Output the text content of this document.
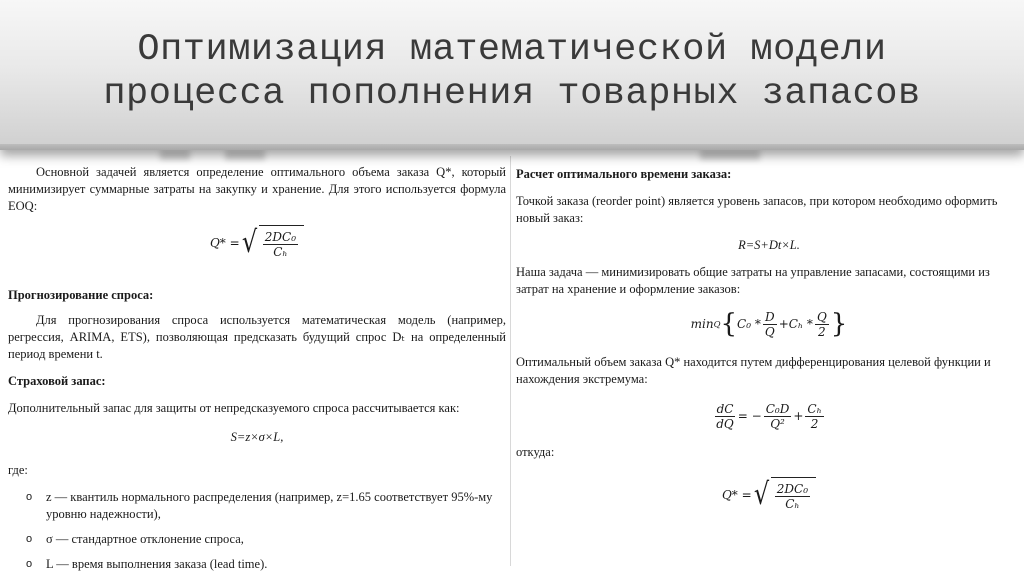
Оптимизация математической модели
процесса пополнения товарных запасов

Основной задачей является определение оптимального объема заказа Q*, который минимизирует суммарные затраты на закупку и хранение. Для этого используется формула EOQ:

Q* = √ $\frac{\text{2DC₀}}{\text{Cₕ}}$

Прогнозирование спроса:

Для прогнозирования спроса используется математическая модель (например, регрессия, ARIMA, ETS), позволяющая предсказать будущий спрос Dₜ на определенный период времени t.

Страховой запас:

Дополнительный запас для защиты от непредсказуемого спроса рассчитывается как:

S=z×σ×L,

где:

o z — квантиль нормального распределения (например, z=1.65 соответствует 95%-му уровню надежности),
o σ — стандартное отклонение спроса,
o L — время выполнения заказа (lead time).

Расчет оптимального времени заказа:

Точкой заказа (reorder point) является уровень запасов, при котором необходимо оформить новый заказ:

R=S+Dt×L.

Наша задача — минимизировать общие затраты на управление запасами, состоящими из затрат на хранение и оформление заказов:

min Q { $C_0 * \frac{D}{Q} +C_h * \frac{Q}{2}$ }

Оптимальный объем заказа Q* находится путем дифференцирования целевой функции и нахождения экстремума:

$\frac{dC}{dQ}$ = − $\frac{\text{C₀D}}{\text{Q²}} + \frac{\text{Cₕ}}{2}$

откуда:

Q* = √ $\frac{\text{2DC₀}}{\text{Cₕ}}$
